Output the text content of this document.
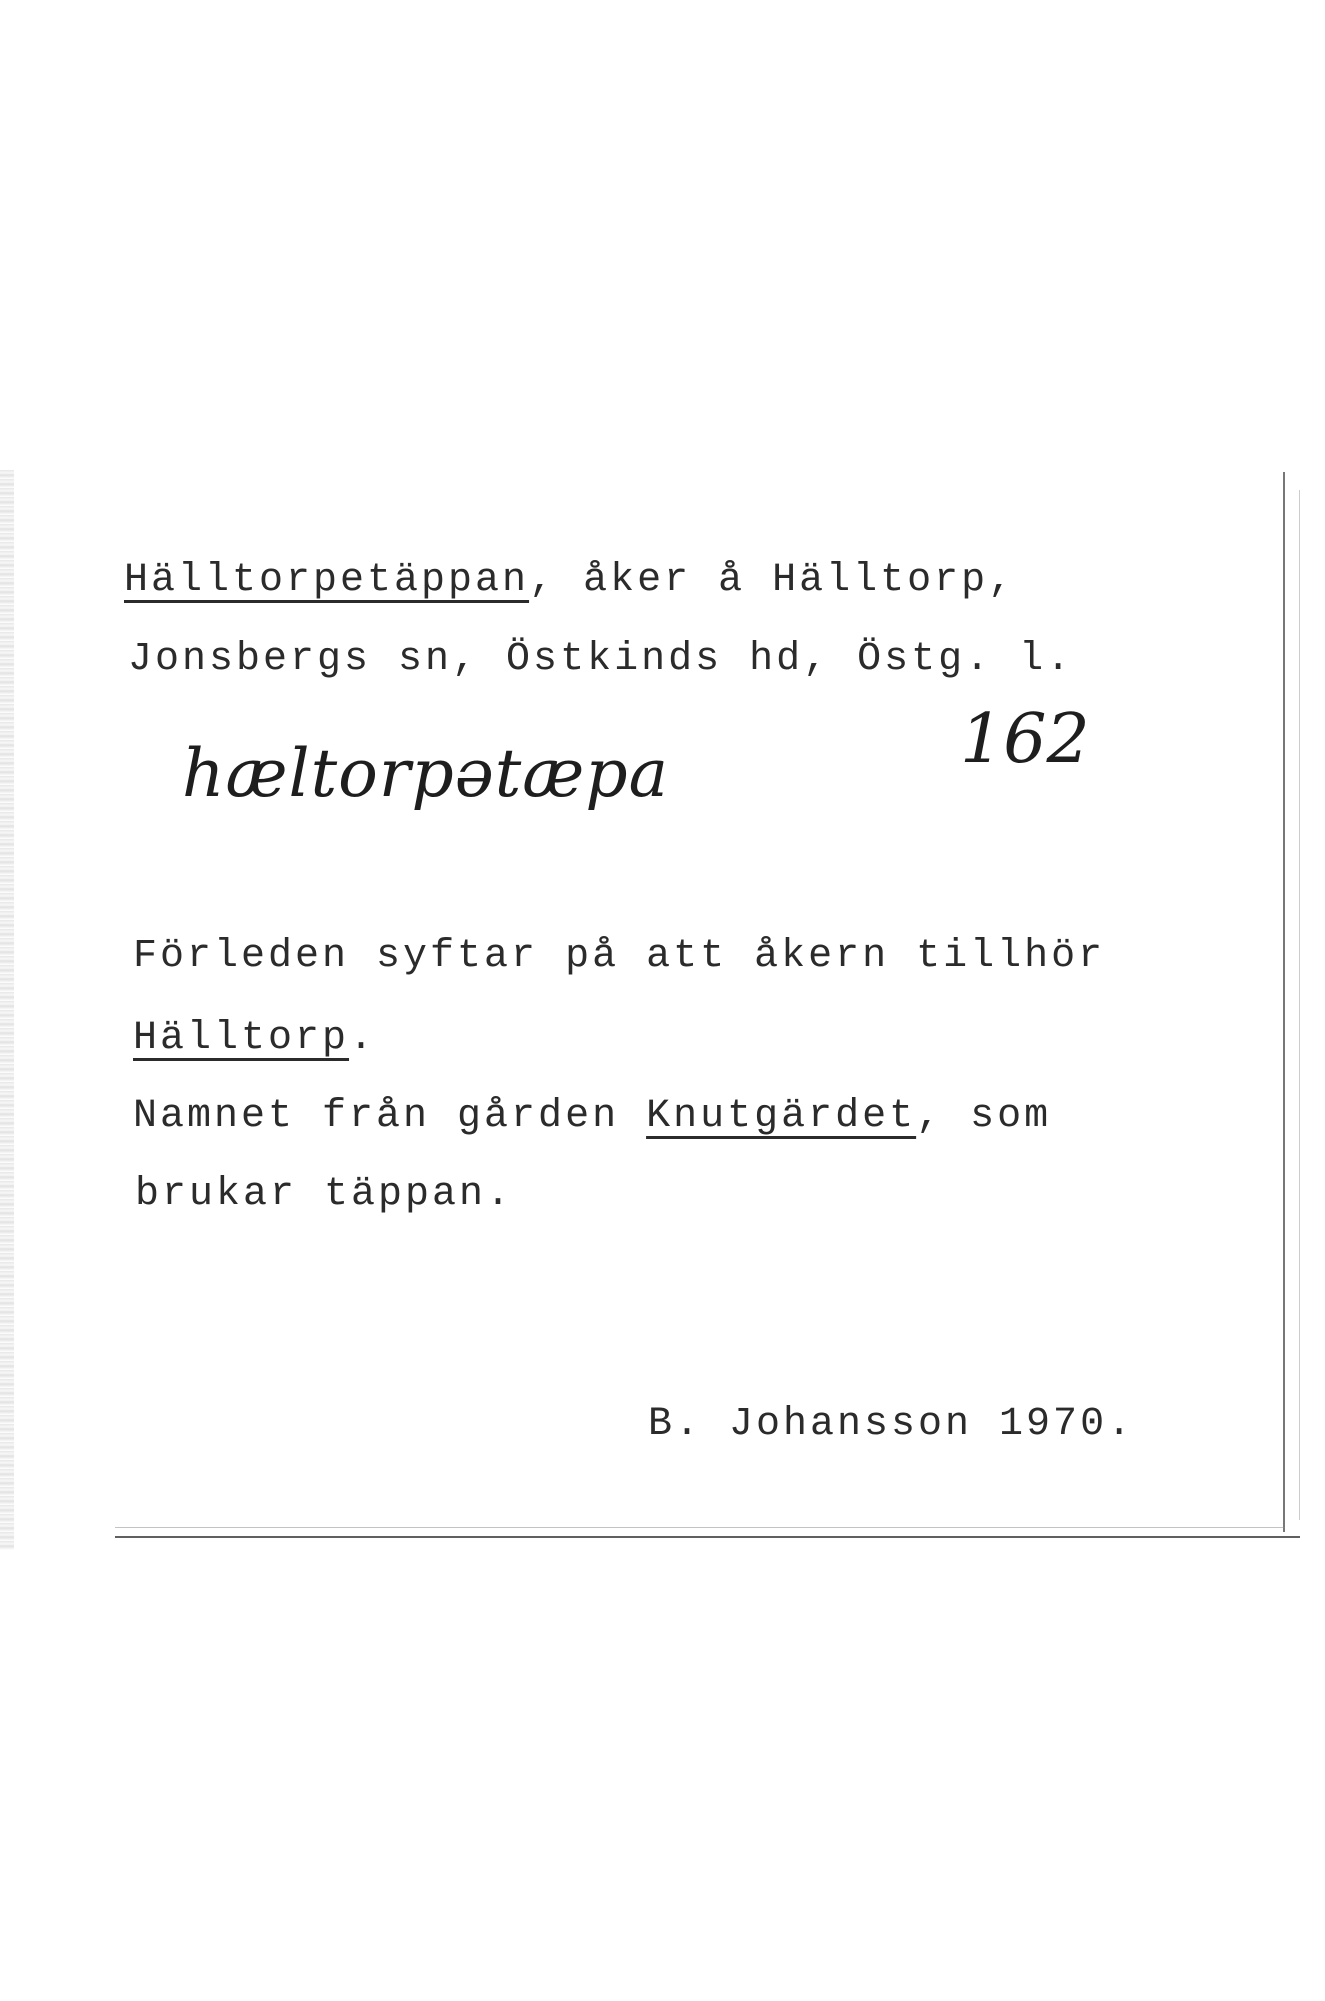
Hälltorpetäppan, åker å Hälltorp,
Jonsbergs sn, Östkinds hd, Östg. l.
hæltorpətæpa	162
Förleden syftar på att åkern tillhör
Hälltorp.
Namnet från gården Knutgärdet, som
brukar täppan.
B. Johansson 1970.
